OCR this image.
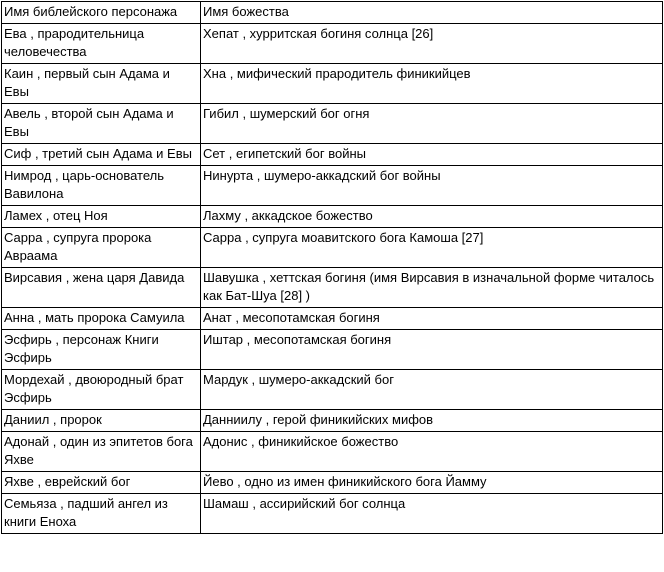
Имя библейского персонажа	Имя божества
Ева , прародительница человечества	Хепат , хурритская богиня солнца [26]
Каин , первый сын Адама и Евы	Хна , мифический прародитель финикийцев
Авель , второй сын Адама и Евы	Гибил , шумерский бог огня
Сиф , третий сын Адама и Евы	Сет , египетский бог войны
Нимрод , царь-основатель Вавилона	Нинурта , шумеро-аккадский бог войны
Ламех , отец Ноя	Лахму , аккадское божество
Сарра , супруга пророка Авраама	Сарра , супруга моавитского бога Камоша [27]
Вирсавия , жена царя Давида	Шавушка , хеттская богиня (имя Вирсавия в изначальной форме читалось как Бат-Шуа [28] )
Анна , мать пророка Самуила	Анат , месопотамская богиня
Эсфирь , персонаж Книги Эсфирь	Иштар , месопотамская богиня
Мордехай , двоюродный брат Эсфирь	Мардук , шумеро-аккадский бог
Даниил , пророк	Данниилу , герой финикийских мифов
Адонай , один из эпитетов бога Яхве	Адонис , финикийское божество
Яхве , еврейский бог	Йево , одно из имен финикийского бога Йамму
Семьяза , падший ангел из книги Еноха	Шамаш , ассирийский бог солнца
